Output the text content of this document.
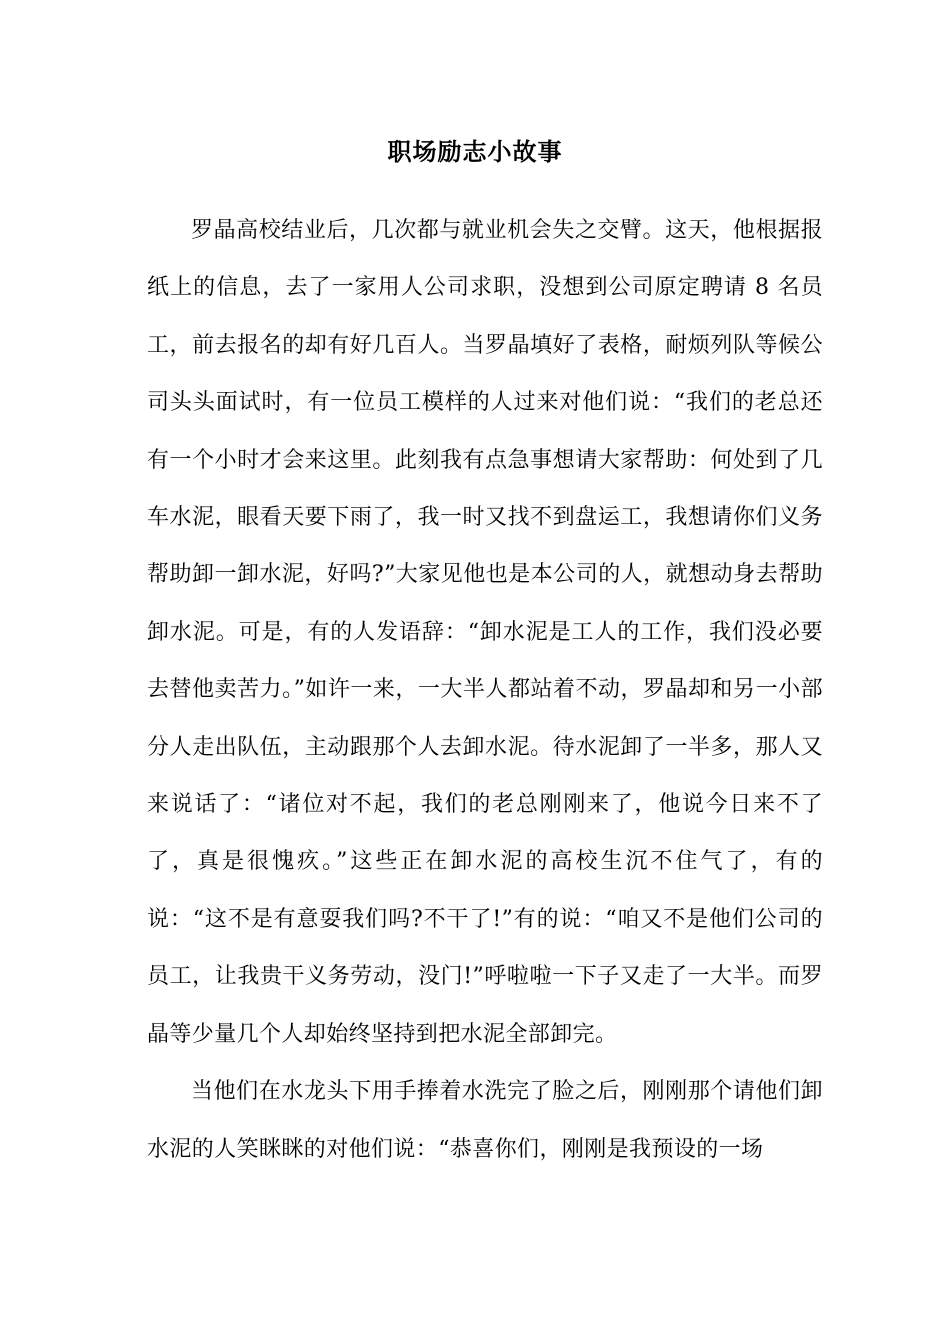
职场励志小故事

罗晶高校结业后，几次都与就业机会失之交臂。这天，他根据报纸上的信息，去了一家用人公司求职，没想到公司原定聘请 8 名员工，前去报名的却有好几百人。当罗晶填好了表格，耐烦列队等候公司头头面试时，有一位员工模样的人过来对他们说：“我们的老总还有一个小时才会来这里。此刻我有点急事想请大家帮助：何处到了几车水泥，眼看天要下雨了，我一时又找不到盘运工，我想请你们义务帮助卸一卸水泥，好吗?”大家见他也是本公司的人，就想动身去帮助卸水泥。可是，有的人发语辞：“卸水泥是工人的工作，我们没必要去替他卖苦力。”如许一来，一大半人都站着不动，罗晶却和另一小部分人走出队伍，主动跟那个人去卸水泥。待水泥卸了一半多，那人又来说话了：“诸位对不起，我们的老总刚刚来了，他说今日来不了了，真是很愧疚。”这些正在卸水泥的高校生沉不住气了，有的说：“这不是有意耍我们吗?不干了!”有的说：“咱又不是他们公司的员工，让我贵干义务劳动，没门!”呼啦啦一下子又走了一大半。而罗晶等少量几个人却始终坚持到把水泥全部卸完。

当他们在水龙头下用手捧着水洗完了脸之后，刚刚那个请他们卸水泥的人笑眯眯的对他们说：“恭喜你们，刚刚是我预设的一场
